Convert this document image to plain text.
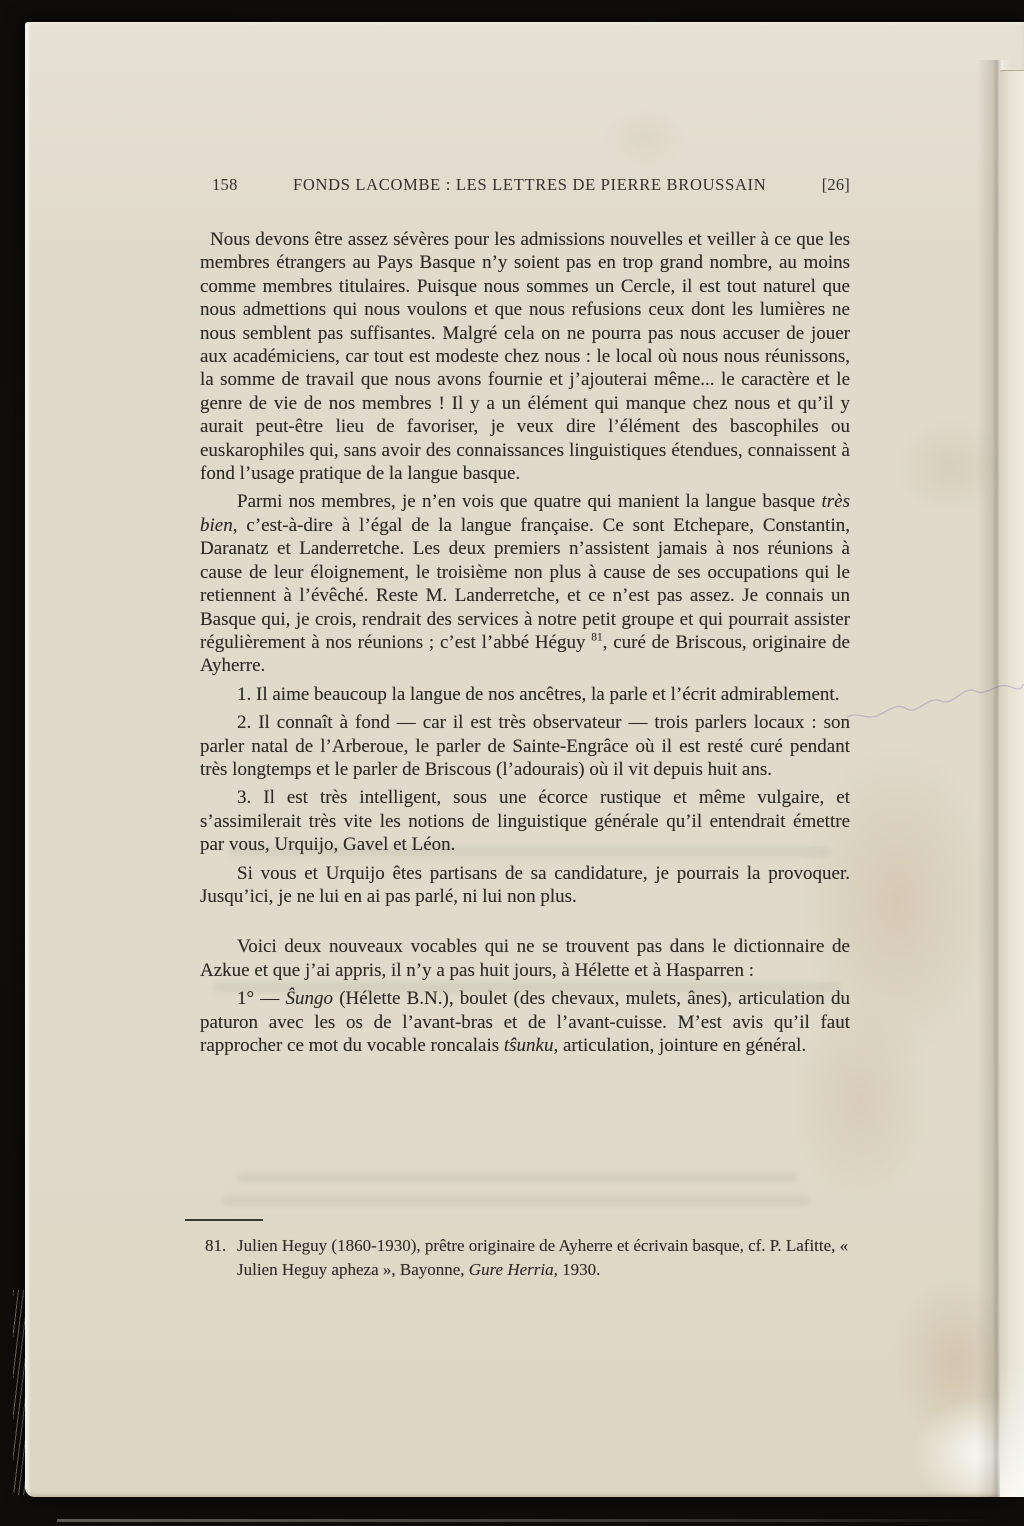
158	FONDS LACOMBE : LES LETTRES DE PIERRE BROUSSAIN	[26]

Nous devons être assez sévères pour les admissions nouvelles et veiller à ce que les membres étrangers au Pays Basque n’y soient pas en trop grand nombre, au moins comme membres titulaires. Puisque nous sommes un Cercle, il est tout naturel que nous admettions qui nous voulons et que nous refusions ceux dont les lumières ne nous semblent pas suffisantes. Malgré cela on ne pourra pas nous accuser de jouer aux académiciens, car tout est modeste chez nous : le local où nous nous réunissons, la somme de travail que nous avons fournie et j’ajouterai même... le caractère et le genre de vie de nos membres ! Il y a un élément qui manque chez nous et qu’il y aurait peut-être lieu de favoriser, je veux dire l’élément des bascophiles ou euskarophiles qui, sans avoir des connaissances linguistiques étendues, connaissent à fond l’usage pratique de la langue basque.

Parmi nos membres, je n’en vois que quatre qui manient la langue basque très bien, c’est-à-dire à l’égal de la langue française. Ce sont Etchepare, Constantin, Daranatz et Landerretche. Les deux premiers n’assistent jamais à nos réunions à cause de leur éloignement, le troisième non plus à cause de ses occupations qui le retiennent à l’évêché. Reste M. Landerretche, et ce n’est pas assez. Je connais un Basque qui, je crois, rendrait des services à notre petit groupe et qui pourrait assister régulièrement à nos réunions ; c’est l’abbé Héguy $^{81}$, curé de Briscous, originaire de Ayherre.

1. Il aime beaucoup la langue de nos ancêtres, la parle et l’écrit admirablement.

2. Il connaît à fond — car il est très observateur — trois parlers locaux : son parler natal de l’Arberoue, le parler de Sainte-Engrâce où il est resté curé pendant très longtemps et le parler de Briscous (l’adourais) où il vit depuis huit ans.

3. Il est très intelligent, sous une écorce rustique et même vulgaire, et s’assimilerait très vite les notions de linguistique générale qu’il entendrait émettre par vous, Urquijo, Gavel et Léon.

Si vous et Urquijo êtes partisans de sa candidature, je pourrais la provoquer. Jusqu’ici, je ne lui en ai pas parlé, ni lui non plus.

Voici deux nouveaux vocables qui ne se trouvent pas dans le dictionnaire de Azkue et que j’ai appris, il n’y a pas huit jours, à Hélette et à Hasparren :

1° — Ŝungo (Hélette B.N.), boulet (des chevaux, mulets, ânes), articulation du paturon avec les os de l’avant-bras et de l’avant-cuisse. M’est avis qu’il faut rapprocher ce mot du vocable roncalais tŝunku, articulation, jointure en général.

81. Julien Heguy (1860-1930), prêtre originaire de Ayherre et écrivain basque, cf. P. Lafitte, « Julien Heguy apheza », Bayonne, Gure Herria, 1930.
